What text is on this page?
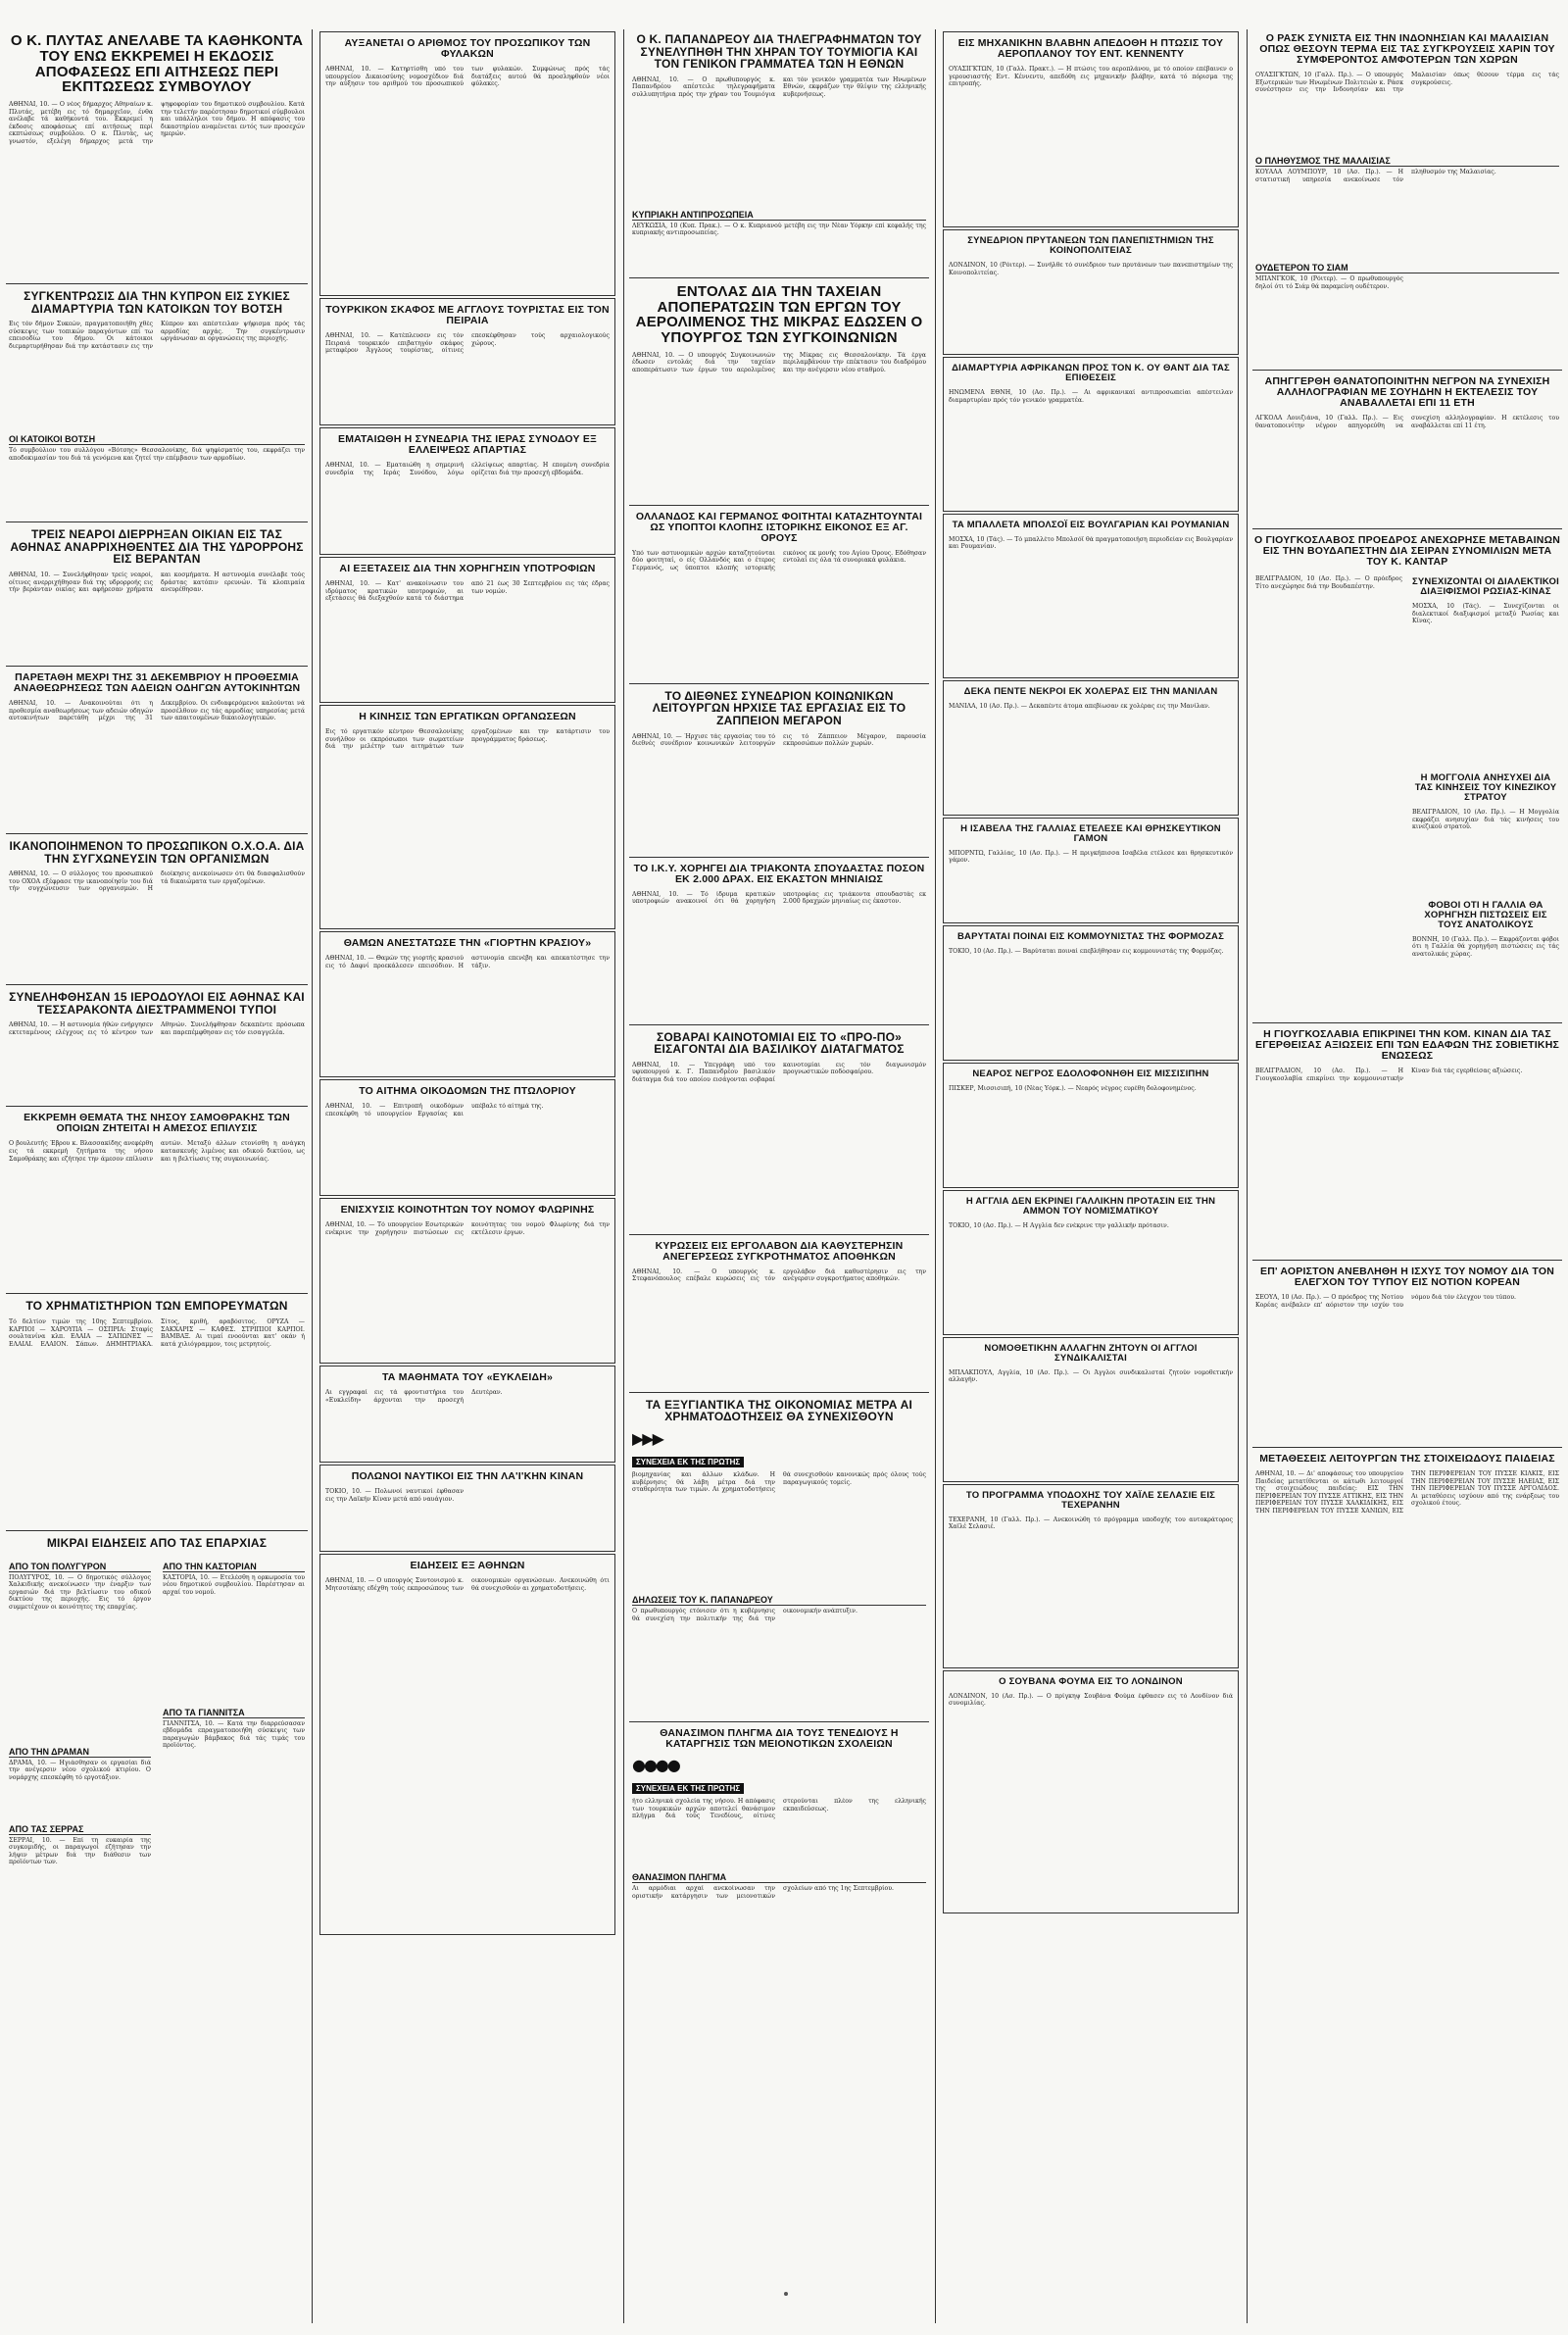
Ο Κ. ΠΛΥΤΑΣ ΑΝΕΛΑΒΕ ΤΑ ΚΑΘΗΚΟΝΤΑ ΤΟΥ ΕΝΩ ΕΚΚΡΕΜΕΙ Η ΕΚΔΟΣΙΣ ΑΠΟΦΑΣΕΩΣ ΕΠΙ ΑΙΤΗΣΕΩΣ ΠΕΡΙ ΕΚΠΤΩΣΕΩΣ ΣΥΜΒΟΥΛΟΥ
ΑΘΗΝΑΙ, 10. — Ο νέος δήμαρχος Αθηναίων κ. Πλυτάς, μετέβη εις τό δημαρχεϊον, ένθα ανέλαβε τά καθήκοντά του. Εκκρεμεί η έκδοσις αποφάσεως επί αιτήσεως περί εκπτώσεως συμβούλου. Ο κ. Πλυτάς, ως γνωστόν, εξελέγη δήμαρχος μετά την ψηφοφορίαν του δημοτικού συμβουλίου. Κατά την τελετήν παρέστησαν δημοτικοί σύμβουλοι και υπάλληλοι του δήμου. Η απόφασις του δικαστηρίου αναμένεται εντός των προσεχών ημερών.
ΣΥΓΚΕΝΤΡΩΣΙΣ ΔΙΑ ΤΗΝ ΚΥΠΡΟΝ ΕΙΣ ΣΥΚΙΕΣ ΔΙΑΜΑΡΤΥΡΙΑ ΤΩΝ ΚΑΤΟΙΚΩΝ ΤΟΥ ΒΟΤΣΗ
Εις τόν δήμον Συκεών, πραγματοποιήθη χθές σύσκεψις των τοπικών παραγόντων επί τω επεισοδίω του δήμου. Οι κάτοικοι διεμαρτυρήθησαν διά την κατάστασιν εις την Κύπρον και απέστειλαν ψήφισμα πρός τάς αρμοδίας αρχάς. Την συγκέντρωσιν ωργάνωσαν αι οργανώσεις της περιοχής.
ΟΙ ΚΑΤΟΙΚΟΙ ΒΟΤΣΗ
Τό συμβούλιον του συλλόγου «Βότσης» Θεσσαλονίκης, διά ψηφίσματός του, εκφράζει την αποδοκιμασίαν του διά τά γενόμενα και ζητεί την επέμβασιν των αρμοδίων.
ΤΡΕΙΣ ΝΕΑΡΟΙ ΔΙΕΡΡΗΞΑΝ ΟΙΚΙΑΝ ΕΙΣ ΤΑΣ ΑΘΗΝΑΣ ΑΝΑΡΡΙΧΗΘΕΝΤΕΣ ΔΙΑ ΤΗΣ ΥΔΡΟΡΡΟΗΣ ΕΙΣ ΒΕΡΑΝΤΑΝ
ΑΘΗΝΑΙ, 10. — Συνελήφθησαν τρείς νεαροί, οίτινες ανερριχήθησαν διά της υδρορροής εις τήν βεράνταν οικίας και αφήρεσαν χρήματα και κοσμήματα. Η αστυνομία συνέλαβε τούς δράστας κατόπιν ερευνών. Τά κλοπιμαία ανευρέθησαν.
ΠΑΡΕΤΑΘΗ ΜΕΧΡΙ ΤΗΣ 31 ΔΕΚΕΜΒΡΙΟΥ Η ΠΡΟΘΕΣΜΙΑ ΑΝΑΘΕΩΡΗΣΕΩΣ ΤΩΝ ΑΔΕΙΩΝ ΟΔΗΓΩΝ ΑΥΤΟΚΙΝΗΤΩΝ
ΑΘΗΝΑΙ, 10. — Ανακοινούται ότι η προθεσμία αναθεωρήσεως των αδειών οδηγών αυτοκινήτων παρετάθη μέχρι της 31 Δεκεμβρίου. Οι ενδιαφερόμενοι καλούνται νά προσέλθουν εις τάς αρμοδίας υπηρεσίας μετά των απαιτουμένων δικαιολογητικών.
ΙΚΑΝΟΠΟΙΗΜΕΝΟΝ ΤΟ ΠΡΟΣΩΠΙΚΟΝ Ο.Χ.Ο.Α. ΔΙΑ ΤΗΝ ΣΥΓΧΩΝΕΥΣΙΝ ΤΩΝ ΟΡΓΑΝΙΣΜΩΝ
ΑΘΗΝΑΙ, 10. — Ο σύλλογος του προσωπικού του ΟΧΟΑ εξέφρασε την ικανοποίησίν του διά τήν συγχώνευσιν των οργανισμών. Η διοίκησις ανεκοίνωσεν ότι θά διασφαλισθούν τά δικαιώματα των εργαζομένων.
ΣΥΝΕΛΗΦΘΗΣΑΝ 15 ΙΕΡΟΔΟΥΛΟΙ ΕΙΣ ΑΘΗΝΑΣ ΚΑΙ ΤΕΣΣΑΡΑΚΟΝΤΑ ΔΙΕΣΤΡΑΜΜΕΝΟΙ ΤΥΠΟΙ
ΑΘΗΝΑΙ, 10. — Η αστυνομία ήθών ενήργησεν εκτεταμένους ελέγχους εις τό κέντρον των Αθηνών. Συνελήφθησαν δεκαπέντε πρόσωπα και παρεπέμφθησαν εις τόν εισαγγελέα.
ΕΚΚΡΕΜΗ ΘΕΜΑΤΑ ΤΗΣ ΝΗΣΟΥ ΣΑΜΟΘΡΑΚΗΣ ΤΩΝ ΟΠΟΙΩΝ ΖΗΤΕΙΤΑΙ Η ΑΜΕΣΟΣ ΕΠΙΛΥΣΙΣ
Ο βουλευτής Έβρου κ. Βλασσακίδης ανεφέρθη εις τά εκκρεμή ζητήματα της νήσου Σαμοθράκης και εζήτησε την άμεσον επίλυσιν αυτών. Μεταξύ άλλων ετονίσθη η ανάγκη κατασκευής λιμένος και οδικού δικτύου, ως και η βελτίωσις της συγκοινωνίας.
ΤΟ ΧΡΗΜΑΤΙΣΤΗΡΙΟΝ ΤΩΝ ΕΜΠΟΡΕΥΜΑΤΩΝ
Τό δελτίον τιμών της 10ης Σεπτεμβρίου. ΚΑΡΠΟΙ — ΧΑΡΟΥΠΑ — ΟΣΠΡΙΑ: Σταφίς σουλτανίνα κλπ. ΕΛΑΙΑ — ΣΑΠΩΝΕΣ — ΕΛΑΙΑΙ. ΕΛΑΙΟΝ. Σάπων. ΔΗΜΗΤΡΙΑΚΑ. Σίτος, κριθή, αραβόσιτος. ΟΡΥΖΑ — ΣΑΚΧΑΡΙΣ — ΚΑΦΕΣ. ΣΤΡΙΠΙΟΙ ΚΑΡΠΟΙ. ΒΑΜΒΑΞ. Αι τιμαί ενοούνται κατ' οκάν ή κατά χιλιόγραμμον, τοις μετρητοίς.
ΜΙΚΡΑΙ ΕΙΔΗΣΕΙΣ ΑΠΟ ΤΑΣ ΕΠΑΡΧΙΑΣ
ΑΠΟ ΤΟΝ ΠΟΛΥΓΥΡΟΝ
ΠΟΛΥΓΥΡΟΣ, 10. — Ο δημοτικός σύλλογος Χαλκιδικής ανεκοίνωσεν την έναρξιν των εργασιών διά την βελτίωσιν του οδικού δικτύου της περιοχής. Εις τό έργον συμμετέχουν οι κοινότητες της επαρχίας.
ΑΠΟ ΤΗΝ ΔΡΑΜΑΝ
ΔΡΑΜΑ, 10. — Ηγιάσθησαν οι εργασίαι διά την ανέγερσιν νέου σχολικού κτιρίου. Ο νομάρχης επεσκέφθη τό εργοτάξιον.
ΑΠΟ ΤΑΣ ΣΕΡΡΑΣ
ΣΕΡΡΑΙ, 10. — Επί τη ευκαιρία της συγκομιδής, οι παραγωγοί εζήτησαν την λήψιν μέτρων διά την διάθεσιν των προϊόντων των.
ΑΠΟ ΤΗΝ ΚΑΣΤΟΡΙΑΝ
ΚΑΣΤΟΡΙΑ, 10. — Ετελέσθη η ορκωμοσία του νέου δημοτικού συμβουλίου. Παρέστησαν αι αρχαί του νομού.
ΑΠΟ ΤΑ ΓΙΑΝΝΙΤΣΑ
ΓΙΑΝΝΙΤΣΑ, 10. — Κατά την διαρρεύσασαν εβδομάδα επραγματοποιήθη σύσκεψις των παραγωγών βάμβακος διά τάς τιμάς του προϊόντος.
ΑΥΞΑΝΕΤΑΙ Ο ΑΡΙΘΜΟΣ ΤΟΥ ΠΡΟΣΩΠΙΚΟΥ ΤΩΝ ΦΥΛΑΚΩΝ
ΑΘΗΝΑΙ, 10. — Κατηρτίσθη υπό του υπουργείου Δικαιοσύνης νομοσχέδιον διά την αύξησιν του αριθμού του προσωπικού των φυλακών. Συμφώνως πρός τάς διατάξεις αυτού θά προσληφθούν νέοι φύλακες.
ΤΟΥΡΚΙΚΟΝ ΣΚΑΦΟΣ ΜΕ ΑΓΓΛΟΥΣ ΤΟΥΡΙΣΤΑΣ ΕΙΣ ΤΟΝ ΠΕΙΡΑΙΑ
ΑΘΗΝΑΙ, 10. — Κατέπλευσεν εις τόν Πειραιά τουρκικόν επιβατηγόν σκάφος μεταφέρον Άγγλους τουρίστας, οίτινες επεσκέφθησαν τούς αρχαιολογικούς χώρους.
ΕΜΑΤΑΙΩΘΗ Η ΣΥΝΕΔΡΙΑ ΤΗΣ ΙΕΡΑΣ ΣΥΝΟΔΟΥ ΕΞ ΕΛΛΕΙΨΕΩΣ ΑΠΑΡΤΙΑΣ
ΑΘΗΝΑΙ, 10. — Εματαιώθη η σημερινή συνεδρία της Ιεράς Συνόδου, λόγω ελλείψεως απαρτίας. Η επομένη συνεδρία ορίζεται διά την προσεχή εβδομάδα.
ΑΙ ΕΞΕΤΑΣΕΙΣ ΔΙΑ ΤΗΝ ΧΟΡΗΓΗΣΙΝ ΥΠΟΤΡΟΦΙΩΝ
ΑΘΗΝΑΙ, 10. — Κατ' ανακοίνωσιν του ιδρύματος κρατικών υποτροφιών, αι εξετάσεις θά διεξαχθούν κατά τό διάστημα από 21 έως 30 Σεπτεμβρίου εις τάς έδρας των νομών.
Η ΚΙΝΗΣΙΣ ΤΩΝ ΕΡΓΑΤΙΚΩΝ ΟΡΓΑΝΩΣΕΩΝ
Εις τό εργατικόν κέντρον Θεσσαλονίκης συνήλθον οι εκπρόσωποι των σωματείων διά την μελέτην των αιτημάτων των εργαζομένων και την κατάρτισιν του προγράμματος δράσεως.
ΘΑΜΩΝ ΑΝΕΣΤΑΤΩΣΕ ΤΗΝ «ΓΙΟΡΤΗΝ ΚΡΑΣΙΟΥ»
ΑΘΗΝΑΙ, 10. — Θαμών της γιορτής κρασιού εις τό Δαφνί προεκάλεσεν επεισόδιον. Η αστυνομία επενέβη και απεκατέστησε την τάξιν.
ΤΟ ΑΙΤΗΜΑ ΟΙΚΟΔΟΜΩΝ ΤΗΣ ΠΤΩΛΟΡΙΟΥ
ΑΘΗΝΑΙ, 10. — Επιτροπή οικοδόμων επεσκέφθη τό υπουργείον Εργασίας και υπέβαλε τό αίτημά της.
ΕΝΙΣΧΥΣΙΣ ΚΟΙΝΟΤΗΤΩΝ ΤΟΥ ΝΟΜΟΥ ΦΛΩΡΙΝΗΣ
ΑΘΗΝΑΙ, 10. — Τό υπουργείον Εσωτερικών ενέκρινε την χορήγησιν πιστώσεων εις κοινότητας του νομού Φλωρίνης διά την εκτέλεσιν έργων.
ΤΑ ΜΑΘΗΜΑΤΑ ΤΟΥ «ΕΥΚΛΕΙΔΗ»
Αι εγγραφαί εις τά φροντιστήρια του «Ευκλείδη» άρχονται την προσεχή Δευτέραν.
ΠΟΛΩΝΟΙ ΝΑΥΤΙΚΟΙ ΕΙΣ ΤΗΝ ΛΑ'Ι'ΚΗΝ ΚΙΝΑΝ
ΤΟΚΙΟ, 10. — Πολωνοί ναυτικοί έφθασαν εις την Λαϊκήν Κίναν μετά από ναυάγιον.
ΕΙΔΗΣΕΙΣ ΕΞ ΑΘΗΝΩΝ
ΑΘΗΝΑΙ, 10. — Ο υπουργός Συντονισμού κ. Μητσοτάκης εδέχθη τούς εκπροσώπους των οικονομικών οργανώσεων. Ανεκοινώθη ότι θά συνεχισθούν αι χρηματοδοτήσεις.
Ο Κ. ΠΑΠΑΝΔΡΕΟΥ ΔΙΑ ΤΗΛΕΓΡΑΦΗΜΑΤΩΝ ΤΟΥ ΣΥΝΕΛΥΠΗΘΗ ΤΗΝ ΧΗΡΑΝ ΤΟΥ ΤΟΥΜΙΟΓΙΑ ΚΑΙ ΤΟΝ ΓΕΝΙΚΟΝ ΓΡΑΜΜΑΤΕΑ ΤΩΝ Η ΕΘΝΩΝ
ΑΘΗΝΑΙ, 10. — Ο πρωθυπουργός κ. Παπανδρέου απέστειλε τηλεγραφήματα συλλυπητήρια πρός την χήραν του Τουμιόγια και τόν γενικόν γραμματέα των Ηνωμένων Εθνών, εκφράζων την θλίψιν της ελληνικής κυβερνήσεως.
ΚΥΠΡΙΑΚΗ ΑΝΤΙΠΡΟΣΩΠΕΙΑ
ΛΕΥΚΩΣΙΑ, 10 (Κυπ. Πρακ.). — Ο κ. Κυπριανού μετέβη εις την Νέαν Υόρκην επί κεφαλής της κυπριακής αντιπροσωπείας.
ΕΝΤΟΛΑΣ ΔΙΑ ΤΗΝ ΤΑΧΕΙΑΝ ΑΠΟΠΕΡΑΤΩΣΙΝ ΤΩΝ ΕΡΓΩΝ ΤΟΥ ΑΕΡΟΛΙΜΕΝΟΣ ΤΗΣ ΜΙΚΡΑΣ ΕΔΩΣΕΝ Ο ΥΠΟΥΡΓΟΣ ΤΩΝ ΣΥΓΚΟΙΝΩΝΙΩΝ
ΑΘΗΝΑΙ, 10. — Ο υπουργός Συγκοινωνιών έδωσεν εντολάς διά την ταχείαν αποπεράτωσιν των έργων του αερολιμένος της Μίκρας εις Θεσσαλονίκην. Τά έργα περιλαμβάνουν την επέκτασιν του διαδρόμου και την ανέγερσιν νέου σταθμού.
ΟΛΛΑΝΔΟΣ ΚΑΙ ΓΕΡΜΑΝΟΣ ΦΟΙΤΗΤΑΙ ΚΑΤΑΖΗΤΟΥΝΤΑΙ ΩΣ ΥΠΟΠΤΟΙ ΚΛΟΠΗΣ ΙΣΤΟΡΙΚΗΣ ΕΙΚΟΝΟΣ ΕΞ ΑΓ. ΟΡΟΥΣ
Υπό των αστυνομικών αρχών καταζητούνται δύο φοιτηταί, ο είς Ολλανδός και ο έτερος Γερμανός, ως ύποπτοι κλοπής ιστορικής εικόνος εκ μονής του Αγίου Όρους. Εδόθησαν εντολαί εις όλα τά συνοριακά φυλάκια.
ΤΟ ΔΙΕΘΝΕΣ ΣΥΝΕΔΡΙΟΝ ΚΟΙΝΩΝΙΚΩΝ ΛΕΙΤΟΥΡΓΩΝ ΗΡΧΙΣΕ ΤΑΣ ΕΡΓΑΣΙΑΣ ΕΙΣ ΤΟ ΖΑΠΠΕΙΟΝ ΜΕΓΑΡΟΝ
ΑΘΗΝΑΙ, 10. — Ήρχισε τάς εργασίας του τό διεθνές συνέδριον κοινωνικών λειτουργών εις τό Ζάππειον Μέγαρον, παρουσία εκπροσώπων πολλών χωρών.
ΤΟ Ι.Κ.Υ. ΧΟΡΗΓΕΙ ΔΙΑ ΤΡΙΑΚΟΝΤΑ ΣΠΟΥΔΑΣΤΑΣ ΠΟΣΟΝ ΕΚ 2.000 ΔΡΑΧ. ΕΙΣ ΕΚΑΣΤΟΝ ΜΗΝΙΑΙΩΣ
ΑΘΗΝΑΙ, 10. — Τό ίδρυμα κρατικών υποτροφιών ανακοινοί ότι θά χορηγήση υποτροφίας εις τριάκοντα σπουδαστάς εκ 2.000 δραχμών μηνιαίως εις έκαστον.
ΣΟΒΑΡΑΙ ΚΑΙΝΟΤΟΜΙΑΙ ΕΙΣ ΤΟ «ΠΡΟ-ΠΟ» ΕΙΣΑΓΟΝΤΑΙ ΔΙΑ ΒΑΣΙΛΙΚΟΥ ΔΙΑΤΑΓΜΑΤΟΣ
ΑΘΗΝΑΙ, 10. — Υπεγράφη υπό του υφυπουργού κ. Γ. Παπανδρέου βασιλικόν διάταγμα διά του οποίου εισάγονται σοβαραί καινοτομίαι εις τόν διαγωνισμόν προγνωστικών ποδοσφαίρου.
ΚΥΡΩΣΕΙΣ ΕΙΣ ΕΡΓΟΛΑΒΟΝ ΔΙΑ ΚΑΘΥΣΤΕΡΗΣΙΝ ΑΝΕΓΕΡΣΕΩΣ ΣΥΓΚΡΟΤΗΜΑΤΟΣ ΑΠΟΘΗΚΩΝ
ΑΘΗΝΑΙ, 10. — Ο υπουργός κ. Στεφανόπουλος επέβαλε κυρώσεις εις τόν εργολάβον διά καθυστέρησιν εις την ανέγερσιν συγκροτήματος αποθηκών.
ΤΑ ΕΞΥΓΙΑΝΤΙΚΑ ΤΗΣ ΟΙΚΟΝΟΜΙΑΣ ΜΕΤΡΑ ΑΙ ΧΡΗΜΑΤΟΔΟΤΗΣΕΙΣ ΘΑ ΣΥΝΕΧΙΣΘΟΥΝ
▶▶▶
ΣΥΝΕΧΕΙΑ ΕΚ ΤΗΣ ΠΡΩΤΗΣ
βιομηχανίας και άλλων κλάδων. Η κυβέρνησις θά λάβη μέτρα διά την σταθερότητα των τιμών. Αι χρηματοδοτήσεις θά συνεχισθούν κανονικώς πρός όλους τούς παραγωγικούς τομείς.
ΔΗΛΩΣΕΙΣ ΤΟΥ Κ. ΠΑΠΑΝΔΡΕΟΥ
Ο πρωθυπουργός ετόνισεν ότι η κυβέρνησις θά συνεχίση την πολιτικήν της διά την οικονομικήν ανάπτυξιν.
ΘΑΝΑΣΙΜΟΝ ΠΛΗΓΜΑ ΔΙΑ ΤΟΥΣ ΤΕΝΕΔΙΟΥΣ Η ΚΑΤΑΡΓΗΣΙΣ ΤΩΝ ΜΕΙΟΝΟΤΙΚΩΝ ΣΧΟΛΕΙΩΝ
●●●●
ΣΥΝΕΧΕΙΑ ΕΚ ΤΗΣ ΠΡΩΤΗΣ
ήτο ελληνικά σχολεία της νήσου. Η απόφασις των τουρκικών αρχών αποτελεί θανάσιμον πλήγμα διά τούς Τενεδίους, οίτινες στερούνται πλέον της ελληνικής εκπαιδεύσεως.
ΘΑΝΑΣΙΜΟΝ ΠΛΗΓΜΑ
Αι αρμόδιαι αρχαί ανεκοίνωσαν την οριστικήν κατάργησιν των μειονοτικών σχολείων από της 1ης Σεπτεμβρίου.
ΕΙΣ ΜΗΧΑΝΙΚΗΝ ΒΛΑΒΗΝ ΑΠΕΔΟΘΗ Η ΠΤΩΣΙΣ ΤΟΥ ΑΕΡΟΠΛΑΝΟΥ ΤΟΥ ΕΝΤ. ΚΕΝΝΕΝΤΥ
ΟΥΑΣΙΓΚΤΩΝ, 10 (Γαλλ. Πρακτ.). — Η πτώσις του αεροπλάνου, με τό οποίον επέβαινεν ο γερουσιαστής Εντ. Κέννεντυ, απεδόθη εις μηχανικήν βλάβην, κατά τό πόρισμα της επιτροπής.
ΣΥΝΕΔΡΙΟΝ ΠΡΥΤΑΝΕΩΝ ΤΩΝ ΠΑΝΕΠΙΣΤΗΜΙΩΝ ΤΗΣ ΚΟΙΝΟΠΟΛΙΤΕΙΑΣ
ΛΟΝΔΙΝΟΝ, 10 (Ρόιτερ). — Συνήλθε τό συνέδριον των πρυτάνεων των πανεπιστημίων της Κοινοπολιτείας.
ΔΙΑΜΑΡΤΥΡΙΑ ΑΦΡΙΚΑΝΩΝ ΠΡΟΣ ΤΟΝ Κ. ΟΥ ΘΑΝΤ ΔΙΑ ΤΑΣ ΕΠΙΘΕΣΕΙΣ
ΗΝΩΜΕΝΑ ΕΘΝΗ, 10 (Ασ. Πρ.). — Αι αφρικανικαί αντιπροσωπείαι απέστειλαν διαμαρτυρίαν πρός τόν γενικόν γραμματέα.
ΤΑ ΜΠΑΛΛΕΤΑ ΜΠΟΛΣΟΪ ΕΙΣ ΒΟΥΛΓΑΡΙΑΝ ΚΑΙ ΡΟΥΜΑΝΙΑΝ
ΜΟΣΧΑ, 10 (Τάς). — Τό μπαλλέτο Μπολσόϊ θά πραγματοποιήση περιοδείαν εις Βουλγαρίαν και Ρουμανίαν.
ΔΕΚΑ ΠΕΝΤΕ ΝΕΚΡΟΙ ΕΚ ΧΟΛΕΡΑΣ ΕΙΣ ΤΗΝ ΜΑΝΙΛΑΝ
ΜΑΝΙΛΑ, 10 (Ασ. Πρ.). — Δεκαπέντε άτομα απεβίωσαν εκ χολέρας εις την Μανίλαν.
Η ΙΣΑΒΕΛΑ ΤΗΣ ΓΑΛΛΙΑΣ ΕΤΕΛΕΣΕ ΚΑΙ ΘΡΗΣΚΕΥΤΙΚΟΝ ΓΑΜΟΝ
ΜΠΟΡΝΤΩ, Γαλλίας, 10 (Ασ. Πρ.). — Η πριγκήπισσα Ισαβέλα ετέλεσε και θρησκευτικόν γάμον.
ΒΑΡΥΤΑΤΑΙ ΠΟΙΝΑΙ ΕΙΣ ΚΟΜΜΟΥΝΙΣΤΑΣ ΤΗΣ ΦΟΡΜΟΖΑΣ
ΤΟΚΙΟ, 10 (Ασ. Πρ.). — Βαρύταται ποιναί επεβλήθησαν εις κομμουνιστάς της Φορμόζας.
ΝΕΑΡΟΣ ΝΕΓΡΟΣ ΕΔΟΛΟΦΟΝΗΘΗ ΕΙΣ ΜΙΣΣΙΣΙΠΗΝ
ΠΙΣΚΕΡ, Μισσισιπή, 10 (Νέας Υόρκ.). — Νεαρός νέγρος ευρέθη δολοφονημένος.
Η ΑΓΓΛΙΑ ΔΕΝ ΕΚΡΙΝΕΙ ΓΑΛΛΙΚΗΝ ΠΡΟΤΑΣΙΝ ΕΙΣ ΤΗΝ ΑΜΜΟΝ ΤΟΥ ΝΟΜΙΣΜΑΤΙΚΟΥ
ΤΟΚΙΟ, 10 (Ασ. Πρ.). — Η Αγγλία δεν ενέκρινε την γαλλικήν πρότασιν.
ΝΟΜΟΘΕΤΙΚΗΝ ΑΛΛΑΓΗΝ ΖΗΤΟΥΝ ΟΙ ΑΓΓΛΟΙ ΣΥΝΔΙΚΑΛΙΣΤΑΙ
ΜΠΛΑΚΠΟΥΛ, Αγγλία, 10 (Ασ. Πρ.). — Οι Άγγλοι συνδικαλισταί ζητούν νομοθετικήν αλλαγήν.
ΤΟ ΠΡΟΓΡΑΜΜΑ ΥΠΟΔΟΧΗΣ ΤΟΥ ΧΑΪΛΕ ΣΕΛΑΣΙΕ ΕΙΣ ΤΕΧΕΡΑΝΗΝ
ΤΕΧΕΡΑΝΗ, 10 (Γαλλ. Πρ.). — Ανεκοινώθη τό πρόγραμμα υποδοχής του αυτοκράτορος Χαϊλέ Σελασιέ.
Ο ΣΟΥΒΑΝΑ ΦΟΥΜΑ ΕΙΣ ΤΟ ΛΟΝΔΙΝΟΝ
ΛΟΝΔΙΝΟΝ, 10 (Ασ. Πρ.). — Ο πρίγκηψ Σουβάνα Φούμα έφθασεν εις τό Λονδίνον διά συνομιλίας.
Ο ΡΑΣΚ ΣΥΝΙΣΤΑ ΕΙΣ ΤΗΝ ΙΝΔΟΝΗΣΙΑΝ ΚΑΙ ΜΑΛΑΙΣΙΑΝ ΟΠΩΣ ΘΕΣΟΥΝ ΤΕΡΜΑ ΕΙΣ ΤΑΣ ΣΥΓΚΡΟΥΣΕΙΣ ΧΑΡΙΝ ΤΟΥ ΣΥΜΦΕΡΟΝΤΟΣ ΑΜΦΟΤΕΡΩΝ ΤΩΝ ΧΩΡΩΝ
ΟΥΑΣΙΓΚΤΩΝ, 10 (Γαλλ. Πρ.). — Ο υπουργός Εξωτερικών των Ηνωμένων Πολιτειών κ. Ράσκ συνέστησεν εις την Ινδονησίαν και την Μαλαισίαν όπως θέσουν τέρμα εις τάς συγκρούσεις.
Ο ΠΛΗΘΥΣΜΟΣ ΤΗΣ ΜΑΛΑΙΣΙΑΣ
ΚΟΥΑΛΑ ΛΟΥΜΠΟΥΡ, 10 (Ασ. Πρ.). — Η στατιστική υπηρεσία ανεκοίνωσε τόν πληθυσμόν της Μαλαισίας.
ΟΥΔΕΤΕΡΟΝ ΤΟ ΣΙΑΜ
ΜΠΑΝΓΚΟΚ, 10 (Ρόιτερ). — Ο πρωθυπουργός δηλοί ότι τό Σιάμ θά παραμείνη ουδέτερον.
ΑΠΗΓΓΕΡΘΗ ΘΑΝΑΤΟΠΟΙΝΙΤΗΝ ΝΕΓΡΟΝ ΝΑ ΣΥΝΕΧΙΣΗ ΑΛΛΗΛΟΓΡΑΦΙΑΝ ΜΕ ΣΟΥΗΔΗΝ Η ΕΚΤΕΛΕΣΙΣ ΤΟΥ ΑΝΑΒΑΛΛΕΤΑΙ ΕΠΙ 11 ΕΤΗ
ΑΓΚΟΛΑ Λουιζιάνα, 10 (Γαλλ. Πρ.). — Εις θανατοποινίτην νέγρον απηγορεύθη να συνεχίση αλληλογραφίαν. Η εκτέλεσις του αναβάλλεται επί 11 έτη.
Ο ΓΙΟΥΓΚΟΣΛΑΒΟΣ ΠΡΟΕΔΡΟΣ ΑΝΕΧΩΡΗΣΕ ΜΕΤΑΒΑΙΝΩΝ ΕΙΣ ΤΗΝ ΒΟΥΔΑΠΕΣΤΗΝ ΔΙΑ ΣΕΙΡΑΝ ΣΥΝΟΜΙΛΙΩΝ ΜΕΤΑ ΤΟΥ Κ. ΚΑΝΤΑΡ
ΒΕΛΙΓΡΑΔΙΟΝ, 10 (Ασ. Πρ.). — Ο πρόεδρος Τίτο ανεχώρησε διά την Βουδαπέστην.	ΣΥΝΕΧΙΖΟΝΤΑΙ ΟΙ ΔΙΑΛΕΚΤΙΚΟΙ ΔΙΑΞΙΦΙΣΜΟΙ ΡΩΣΙΑΣ-ΚΙΝΑΣ
ΜΟΣΧΑ, 10 (Τάς). — Συνεχίζονται οι διαλεκτικοί διαξιφισμοί μεταξύ Ρωσίας και Κίνας.
Η ΜΟΓΓΟΛΙΑ ΑΝΗΣΥΧΕΙ ΔΙΑ ΤΑΣ ΚΙΝΗΣΕΙΣ ΤΟΥ ΚΙΝΕΖΙΚΟΥ ΣΤΡΑΤΟΥ
ΒΕΛΙΓΡΑΔΙΟΝ, 10 (Ασ. Πρ.). — Η Μογγολία εκφράζει ανησυχίαν διά τάς κινήσεις του κινεζικού στρατού.
ΦΟΒΟΙ ΟΤΙ Η ΓΑΛΛΙΑ ΘΑ ΧΟΡΗΓΗΣΗ ΠΙΣΤΩΣΕΙΣ ΕΙΣ ΤΟΥΣ ΑΝΑΤΟΛΙΚΟΥΣ
ΒΟΝΝΗ, 10 (Γαλλ. Πρ.). — Εκφράζονται φόβοι ότι η Γαλλία θά χορηγήση πιστώσεις εις τάς ανατολικάς χώρας.
Η ΓΙΟΥΓΚΟΣΛΑΒΙΑ ΕΠΙΚΡΙΝΕΙ ΤΗΝ ΚΟΜ. ΚΙΝΑΝ ΔΙΑ ΤΑΣ ΕΓΕΡΘΕΙΣΑΣ ΑΞΙΩΣΕΙΣ ΕΠΙ ΤΩΝ ΕΔΑΦΩΝ ΤΗΣ ΣΟΒΙΕΤΙΚΗΣ ΕΝΩΣΕΩΣ
ΒΕΛΙΓΡΑΔΙΟΝ, 10 (Ασ. Πρ.). — Η Γιουγκοσλαβία επικρίνει την κομμουνιστικήν Κίναν διά τάς εγερθείσας αξιώσεις.
ΕΠ' ΑΟΡΙΣΤΟΝ ΑΝΕΒΛΗΘΗ Η ΙΣΧΥΣ ΤΟΥ ΝΟΜΟΥ ΔΙΑ ΤΟΝ ΕΛΕΓΧΟΝ ΤΟΥ ΤΥΠΟΥ ΕΙΣ ΝΟΤΙΟΝ ΚΟΡΕΑΝ
ΣΕΟΥΛ, 10 (Ασ. Πρ.). — Ο πρόεδρος της Νοτίου Κορέας ανέβαλεν επ' αόριστον την ισχύν του νόμου διά τόν έλεγχον του τύπου.
ΜΕΤΑΘΕΣΕΙΣ ΛΕΙΤΟΥΡΓΩΝ ΤΗΣ ΣΤΟΙΧΕΙΩΔΟΥΣ ΠΑΙΔΕΙΑΣ
ΑΘΗΝΑΙ, 10. — Δι' αποφάσεως του υπουργείου Παιδείας μετατίθενται οι κάτωθι λειτουργοί της στοιχειώδους παιδείας: ΕΙΣ ΤΗΝ ΠΕΡΙΦΕΡΕΙΑΝ ΤΟΥ ΠΥΣΣΕ ΑΤΤΙΚΗΣ, ΕΙΣ ΤΗΝ ΠΕΡΙΦΕΡΕΙΑΝ ΤΟΥ ΠΥΣΣΕ ΧΑΛΚΙΔΙΚΗΣ, ΕΙΣ ΤΗΝ ΠΕΡΙΦΕΡΕΙΑΝ ΤΟΥ ΠΥΣΣΕ ΧΑΝΙΩΝ, ΕΙΣ ΤΗΝ ΠΕΡΙΦΕΡΕΙΑΝ ΤΟΥ ΠΥΣΣΕ ΚΙΛΚΙΣ, ΕΙΣ ΤΗΝ ΠΕΡΙΦΕΡΕΙΑΝ ΤΟΥ ΠΥΣΣΕ ΗΛΕΙΑΣ, ΕΙΣ ΤΗΝ ΠΕΡΙΦΕΡΕΙΑΝ ΤΟΥ ΠΥΣΣΕ ΑΡΓΟΛΙΔΟΣ. Αι μεταθέσεις ισχύουν από της ενάρξεως του σχολικού έτους.
